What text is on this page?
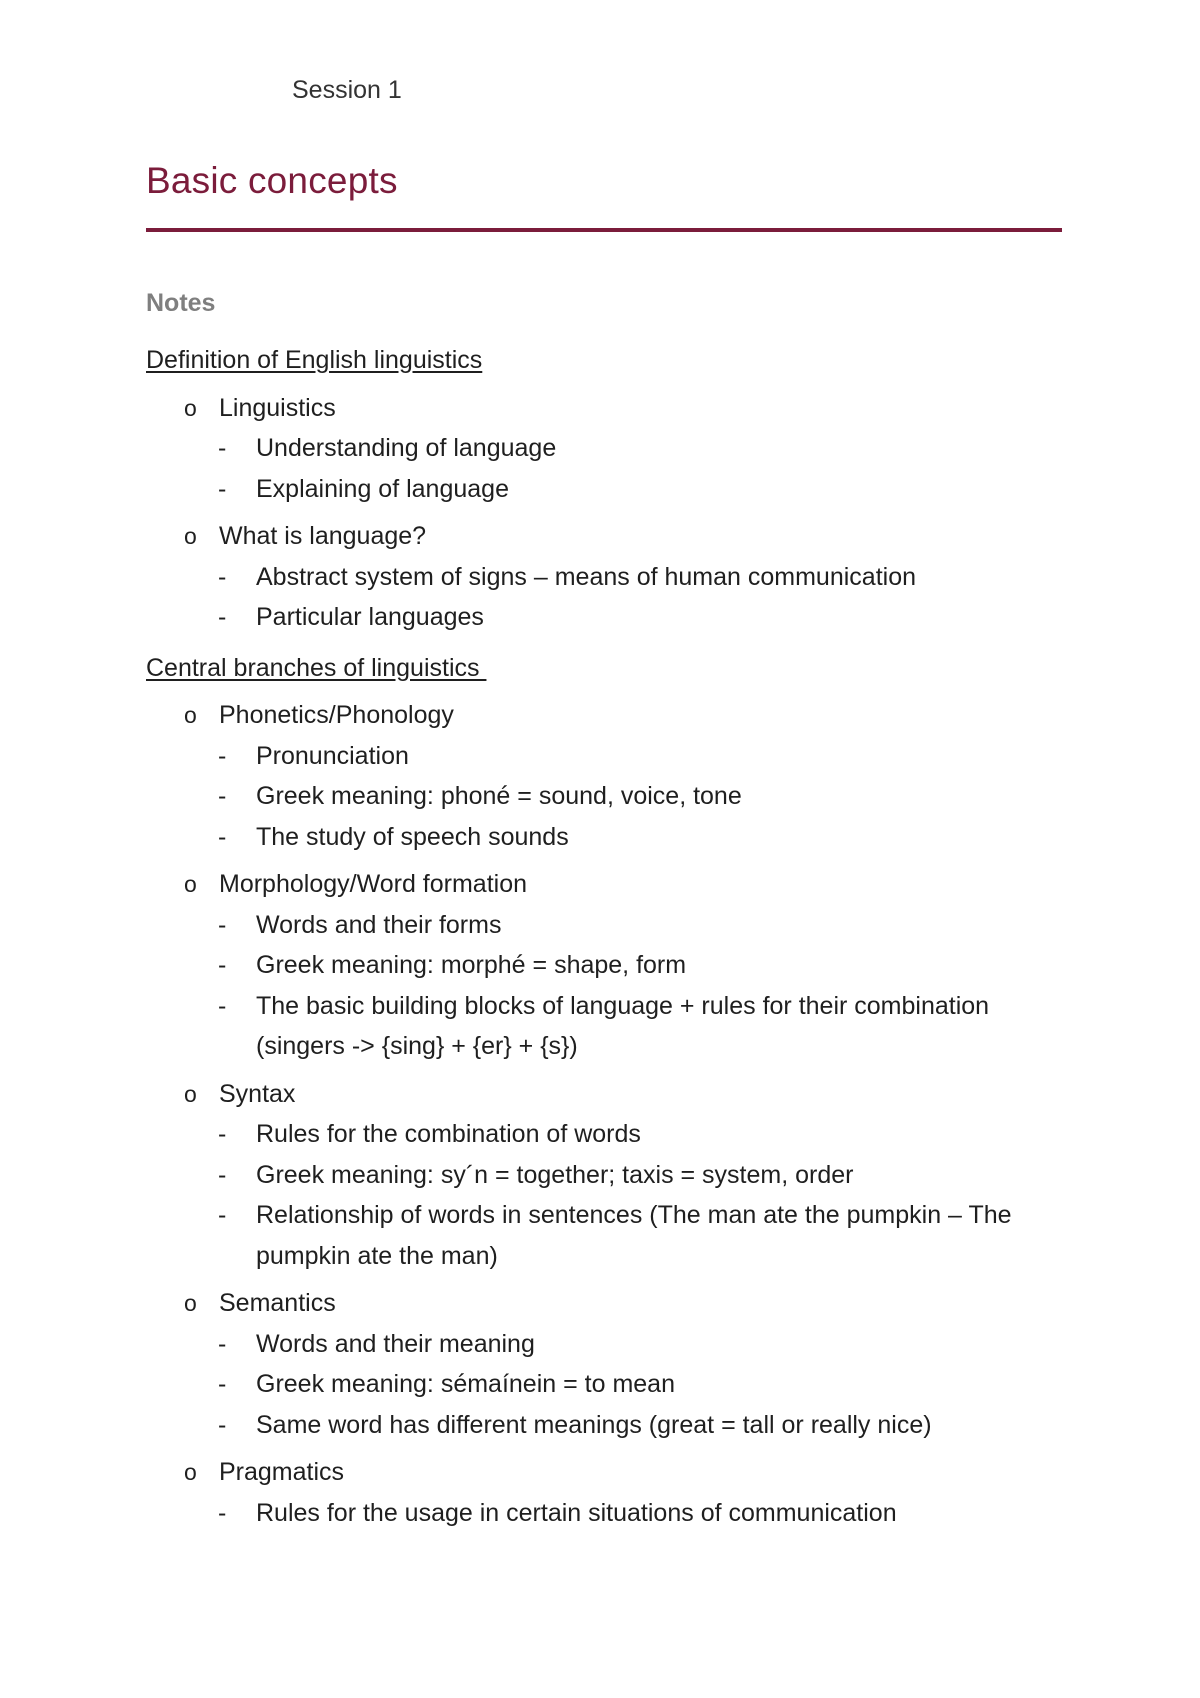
Session 1
Basic concepts
Notes
Definition of English linguistics
o Linguistics
- Understanding of language
- Explaining of language
o What is language?
- Abstract system of signs – means of human communication
- Particular languages
Central branches of linguistics
o Phonetics/Phonology
- Pronunciation
- Greek meaning: phoné = sound, voice, tone
- The study of speech sounds
o Morphology/Word formation
- Words and their forms
- Greek meaning: morphé = shape, form
- The basic building blocks of language + rules for their combination (singers -> {sing} + {er} + {s})
o Syntax
- Rules for the combination of words
- Greek meaning: sy´n = together; taxis = system, order
- Relationship of words in sentences (The man ate the pumpkin – The pumpkin ate the man)
o Semantics
- Words and their meaning
- Greek meaning: sémaínein = to mean
- Same word has different meanings (great = tall or really nice)
o Pragmatics
- Rules for the usage in certain situations of communication
